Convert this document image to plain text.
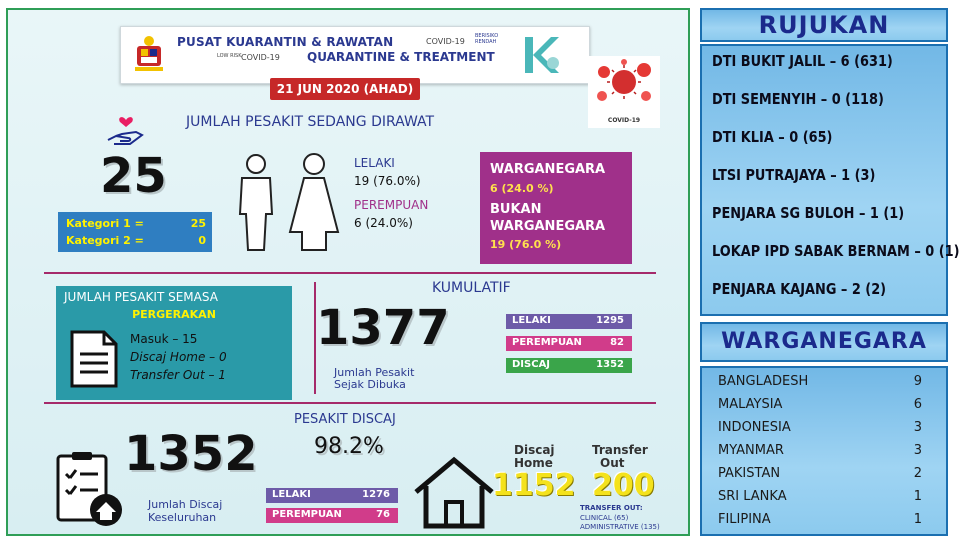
PUSAT KUARANTIN & RAWATAN	COVID-19
BERISIKO RENDAH
LOW RISK COVID-19 QUARANTINE & TREATMENT
21 JUN 2020 (AHAD)
COVID-19
JUMLAH PESAKIT SEDANG DIRAWAT
25
Kategori 1 =	25
Kategori 2 =	0
LELAKI
19 (76.0%)
PEREMPUAN
6 (24.0%)
WARGANEGARA
6 (24.0 %)
BUKAN
WARGANEGARA
19 (76.0 %)
JUMLAH PESAKIT SEMASA
PERGERAKAN
Masuk – 15
Discaj Home – 0
Transfer Out – 1
KUMULATIF
1377
Jumlah Pesakit
Sejak Dibuka
LELAKI	1295
PEREMPUAN	82
DISCAJ	1352
PESAKIT DISCAJ
1352	98.2%
Jumlah Discaj
Keseluruhan
LELAKI	1276
PEREMPUAN	76
Discaj
Home
Transfer
Out
1152 200
TRANSFER OUT:
CLINICAL (65)
ADMINISTRATIVE (135)
RUJUKAN
DTI BUKIT JALIL – 6 (631)
DTI SEMENYIH – 0 (118)
DTI KLIA – 0 (65)
LTSI PUTRAJAYA – 1 (3)
PENJARA SG BULOH – 1 (1)
LOKAP IPD SABAK BERNAM – 0 (1)
PENJARA KAJANG – 2 (2)
WARGANEGARA
BANGLADESH	9
MALAYSIA	6
INDONESIA	3
MYANMAR	3
PAKISTAN	2
SRI LANKA	1
FILIPINA	1
